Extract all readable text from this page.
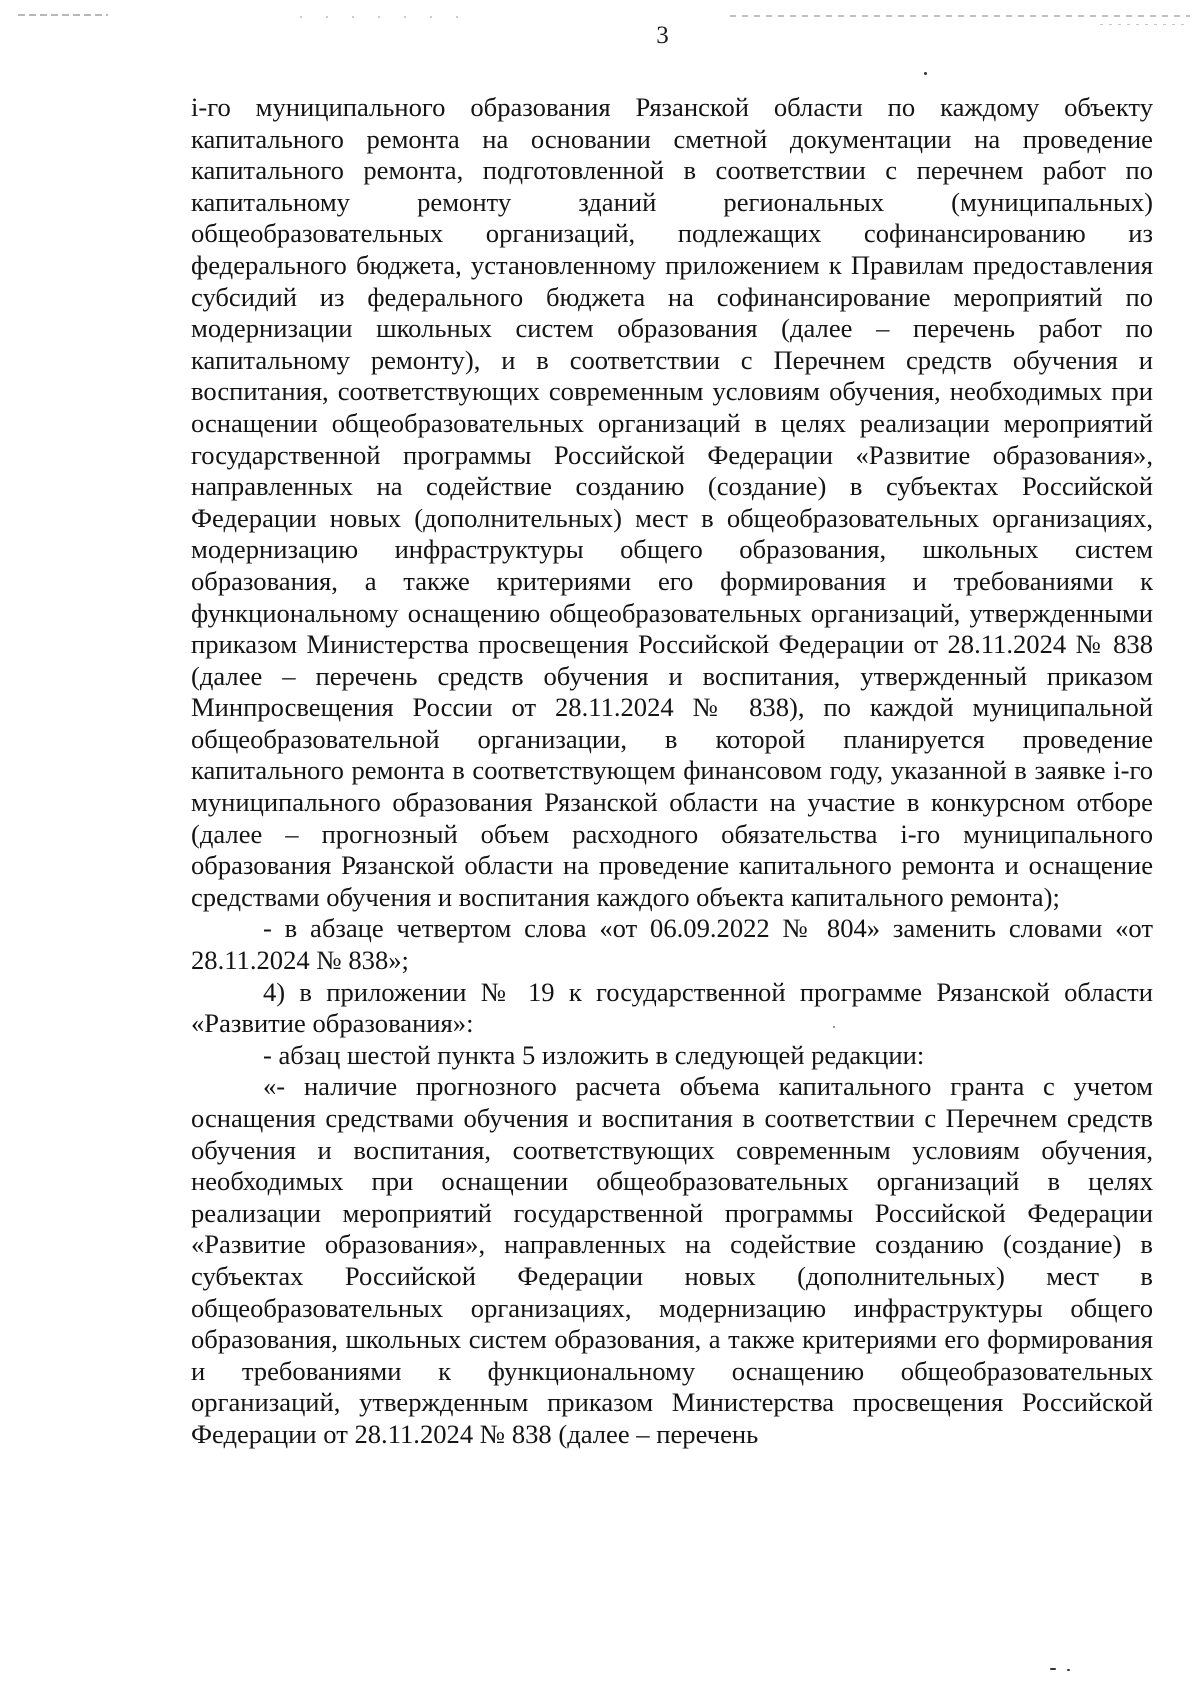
3

i-го муниципального образования Рязанской области по каждому объекту капитального ремонта на основании сметной документации на проведение капитального ремонта, подготовленной в соответствии с перечнем работ по капитальному ремонту зданий региональных (муниципальных) общеобразовательных организаций, подлежащих софинансированию из федерального бюджета, установленному приложением к Правилам предоставления субсидий из федерального бюджета на софинансирование мероприятий по модернизации школьных систем образования (далее – перечень работ по капитальному ремонту), и в соответствии с Перечнем средств обучения и воспитания, соответствующих современным условиям обучения, необходимых при оснащении общеобразовательных организаций в целях реализации мероприятий государственной программы Российской Федерации «Развитие образования», направленных на содействие созданию (создание) в субъектах Российской Федерации новых (дополнительных) мест в общеобразовательных организациях, модернизацию инфраструктуры общего образования, школьных систем образования, а также критериями его формирования и требованиями к функциональному оснащению общеобразовательных организаций, утвержденными приказом Министерства просвещения Российской Федерации от 28.11.2024 № 838 (далее – перечень средств обучения и воспитания, утвержденный приказом Минпросвещения России от 28.11.2024 № 838), по каждой муниципальной общеобразовательной организации, в которой планируется проведение капитального ремонта в соответствующем финансовом году, указанной в заявке i-го муниципального образования Рязанской области на участие в конкурсном отборе (далее – прогнозный объем расходного обязательства i-го муниципального образования Рязанской области на проведение капитального ремонта и оснащение средствами обучения и воспитания каждого объекта капитального ремонта);

- в абзаце четвертом слова «от 06.09.2022 № 804» заменить словами «от 28.11.2024 № 838»;

4) в приложении № 19 к государственной программе Рязанской области «Развитие образования»:

- абзац шестой пункта 5 изложить в следующей редакции:

«- наличие прогнозного расчета объема капитального гранта с учетом оснащения средствами обучения и воспитания в соответствии с Перечнем средств обучения и воспитания, соответствующих современным условиям обучения, необходимых при оснащении общеобразовательных организаций в целях реализации мероприятий государственной программы Российской Федерации «Развитие образования», направленных на содействие созданию (создание) в субъектах Российской Федерации новых (дополнительных) мест в общеобразовательных организациях, модернизацию инфраструктуры общего образования, школьных систем образования, а также критериями его формирования и требованиями к функциональному оснащению общеобразовательных организаций, утвержденным приказом Министерства просвещения Российской Федерации от 28.11.2024 № 838 (далее – перечень
